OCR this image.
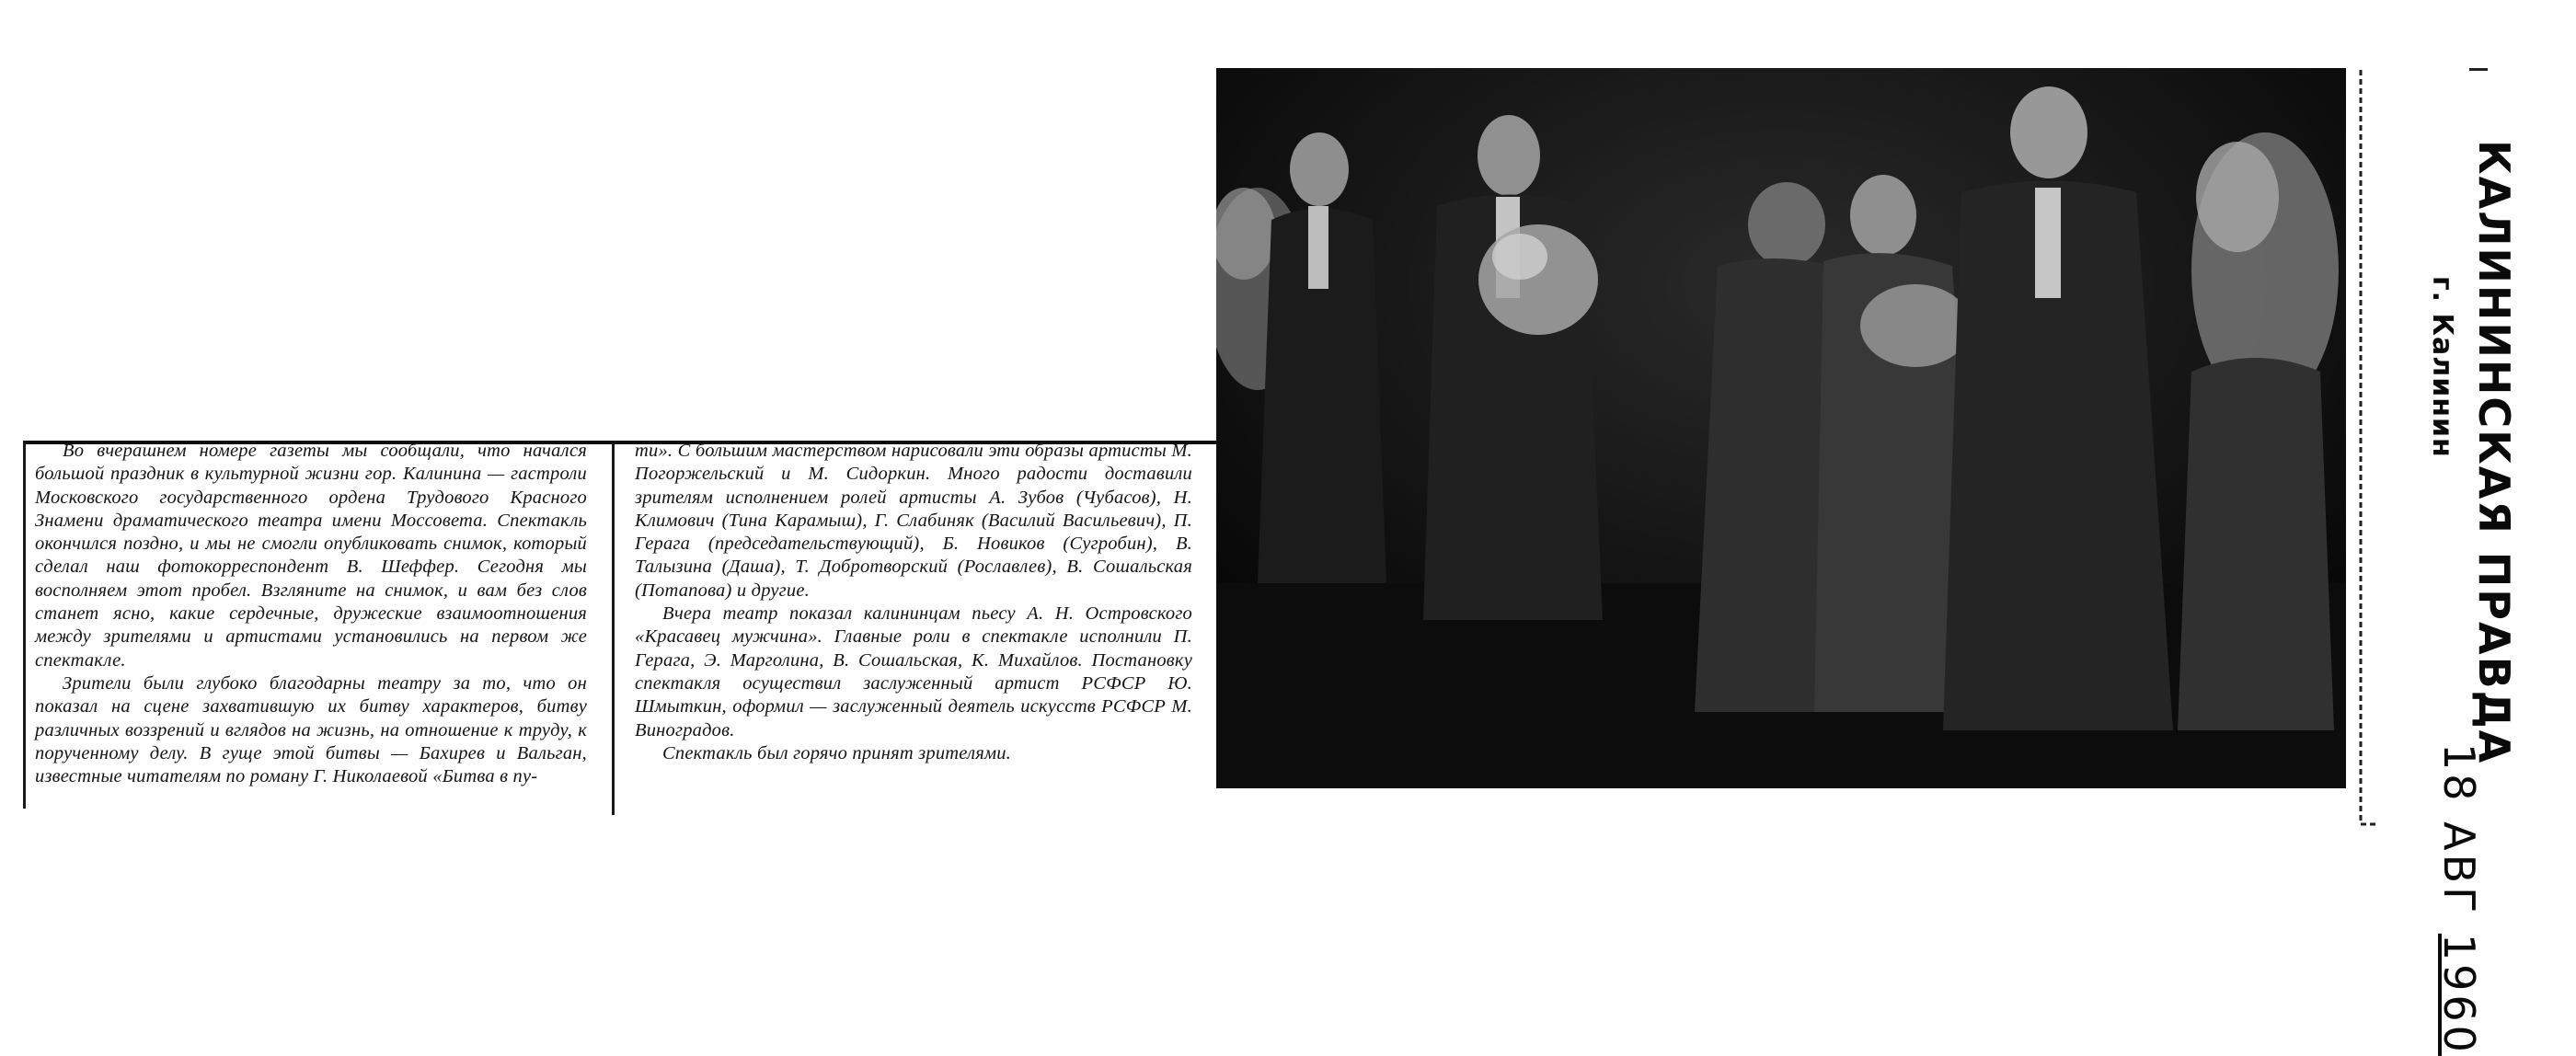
Во вчерашнем номере газеты мы сообщали, что начался большой праздник в культурной жизни гор. Калинина — гастроли Московского государственного ордена Трудового Красного Знамени драматического театра имени Моссовета. Спектакль окончился поздно, и мы не смогли опубликовать снимок, который сделал наш фотокорреспондент В. Шеффер. Сегодня мы восполняем этот пробел. Взгляните на снимок, и вам без слов станет ясно, какие сердечные, дружеские взаимоотношения между зрителями и артистами установились на первом же спектакле.

Зрители были глубоко благодарны театру за то, что он показал на сцене захватившую их битву характеров, битву различных воззрений и вглядов на жизнь, на отношение к труду, к порученному делу. В гуще этой битвы — Бахирев и Вальган, известные читателям по роману Г. Николаевой «Битва в пу-

ти». С большим мастерством нарисовали эти образы артисты М. Погоржельский и М. Сидоркин. Много радости доставили зрителям исполнением ролей артисты А. Зубов (Чубасов), Н. Климович (Тина Карамыш), Г. Слабиняк (Василий Васильевич), П. Герага (председательствующий), Б. Новиков (Сугробин), В. Талызина (Даша), Т. Добротворский (Рославлев), В. Сошальская (Потапова) и другие.

Вчера театр показал калининцам пьесу А. Н. Островского «Красавец мужчина». Главные роли в спектакле исполнили П. Герага, Э. Марголина, В. Сошальская, К. Михайлов. Постановку спектакля осуществил заслуженный артист РСФСР Ю. Шмыткин, оформил — заслуженный деятель искусств РСФСР М. Виноградов.

Спектакль был горячо принят зрителями.	КАЛИНИНСКАЯ ПРАВДА
г. Калинин
18 АВГ 1960
